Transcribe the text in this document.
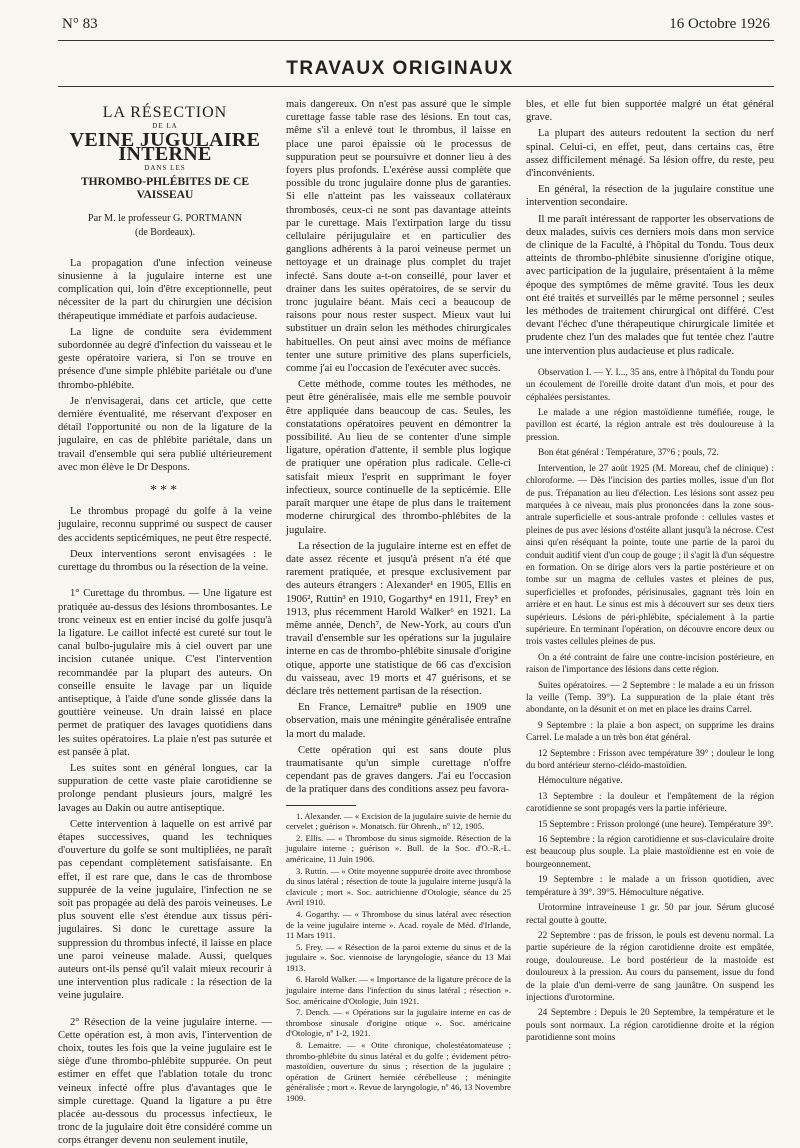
N° 83	16 Octobre 1926
TRAVAUX ORIGINAUX
LA RÉSECTION
DE LA
VEINE JUGULAIRE INTERNE
DANS LES
THROMBO-PHLÉBITES DE CE VAISSEAU
Par M. le professeur G. PORTMANN
(de Bordeaux).

La propagation d'une infection veineuse sinusienne à la jugulaire interne est une complication qui, loin d'être exceptionnelle, peut nécessiter de la part du chirurgien une décision thérapeutique immédiate et parfois audacieuse.

La ligne de conduite sera évidemment subordonnée au degré d'infection du vaisseau et le geste opératoire variera, si l'on se trouve en présence d'une simple phlébite pariétale ou d'une thrombo-phlébite.

Je n'envisagerai, dans cet article, que cette dernière éventualité, me réservant d'exposer en détail l'opportunité ou non de la ligature de la jugulaire, en cas de phlébite pariétale, dans un travail d'ensemble qui sera publié ultérieurement avec mon élève le Dr Despons.

***

Le thrombus propagé du golfe à la veine jugulaire, reconnu supprimé ou suspect de causer des accidents septicémiques, ne peut être respecté.

Deux interventions seront envisagées : le curettage du thrombus ou la résection de la veine.

1° Curettage du thrombus. — Une ligature est pratiquée au-dessus des lésions thrombosantes. Le tronc veineux est en entier incisé du golfe jusqu'à la ligature. Le caillot infecté est cureté sur tout le canal bulbo-jugulaire mis à ciel ouvert par une incision cutanée unique. C'est l'intervention recommandée par la plupart des auteurs. On conseille ensuite le lavage par un liquide antiseptique, à l'aide d'une sonde glissée dans la gouttière veineuse. Un drain laissé en place permet de pratiquer des lavages quotidiens dans les suites opératoires. La plaie n'est pas suturée et est pansée à plat.

Les suites sont en général longues, car la suppuration de cette vaste plaie carotidienne se prolonge pendant plusieurs jours, malgré les lavages au Dakin ou autre antiseptique.

Cette intervention à laquelle on est arrivé par étapes successives, quand les techniques d'ouverture du golfe se sont multipliées, ne paraît pas cependant complètement satisfaisante. En effet, il est rare que, dans le cas de thrombose suppurée de la veine jugulaire, l'infection ne se soit pas propagée au delà des parois veineuses. Le plus souvent elle s'est étendue aux tissus péri-jugulaires. Si donc le curettage assure la suppression du thrombus infecté, il laisse en place une paroi veineuse malade. Aussi, quelques auteurs ont-ils pensé qu'il valait mieux recourir à une intervention plus radicale : la résection de la veine jugulaire.

2° Résection de la veine jugulaire interne. — Cette opération est, à mon avis, l'intervention de choix, toutes les fois que la veine jugulaire est le siège d'une thrombo-phlébite suppurée. On peut estimer en effet que l'ablation totale du tronc veineux infecté offre plus d'avantages que le simple curettage. Quand la ligature a pu être placée au-dessous du processus infectieux, le tronc de la jugulaire doit être considéré comme un corps étranger devenu non seulement inutile,

mais dangereux. On n'est pas assuré que le simple curettage fasse table rase des lésions. En tout cas, même s'il a enlevé tout le thrombus, il laisse en place une paroi épaissie où le processus de suppuration peut se poursuivre et donner lieu à des foyers plus profonds. L'exérèse aussi complète que possible du tronc jugulaire donne plus de garanties. Si elle n'atteint pas les vaisseaux collatéraux thrombosés, ceux-ci ne sont pas davantage atteints par le curettage. Mais l'extirpation large du tissu cellulaire périjugulaire et en particulier des ganglions adhérents à la paroi veineuse permet un nettoyage et un drainage plus complet du trajet infecté. Sans doute a-t-on conseillé, pour laver et drainer dans les suites opératoires, de se servir du tronc jugulaire béant. Mais ceci a beaucoup de raisons pour nous rester suspect. Mieux vaut lui substituer un drain selon les méthodes chirurgicales habituelles. On peut ainsi avec moins de méfiance tenter une suture primitive des plans superficiels, comme j'ai eu l'occasion de l'exécuter avec succès.

Cette méthode, comme toutes les méthodes, ne peut être généralisée, mais elle me semble pouvoir être appliquée dans beaucoup de cas. Seules, les constatations opératoires peuvent en démontrer la possibilité. Au lieu de se contenter d'une simple ligature, opération d'attente, il semble plus logique de pratiquer une opération plus radicale. Celle-ci satisfait mieux l'esprit en supprimant le foyer infectieux, source continuelle de la septicémie. Elle paraît marquer une étape de plus dans le traitement moderne chirurgical des thrombo-phlébites de la jugulaire.

La résection de la jugulaire interne est en effet de date assez récente et jusqu'à présent n'a été que rarement pratiquée, et presque exclusivement par des auteurs étrangers : Alexander¹ en 1905, Ellis en 1906², Ruttin³ en 1910, Gogarthy⁴ en 1911, Frey⁵ en 1913, plus récemment Harold Walker⁶ en 1921. La même année, Dench⁷, de New-York, au cours d'un travail d'ensemble sur les opérations sur la jugulaire interne en cas de thrombo-phlébite sinusale d'origine otique, apporte une statistique de 66 cas d'excision du vaisseau, avec 19 morts et 47 guérisons, et se déclare très nettement partisan de la résection.

En France, Lemaitre⁸ publie en 1909 une observation, mais une méningite généralisée entraîne la mort du malade.

Cette opération qui est sans doute plus traumatisante qu'un simple curettage n'offre cependant pas de graves dangers. J'ai eu l'occasion de la pratiquer dans des conditions assez peu favora-

1. Alexander. — « Excision de la jugulaire suivie de hernie du cervelet ; guérison ». Monatsch. für Ohrenh., nº 12, 1905.

2. Ellis. — « Thrombose du sinus sigmoïde. Résection de la jugulaire interne ; guérison ». Bull. de la Soc. d'O.-R.-L. américaine, 11 Juin 1906.

3. Ruttin. — « Otite moyenne suppurée droite avec thrombose du sinus latéral ; résection de toute la jugulaire interne jusqu'à la clavicule ; mort ». Soc. autrichienne d'Otologie, séance du 25 Avril 1910.

4. Gogarthy. — « Thrombose du sinus latéral avec résection de la veine jugulaire interne ». Acad. royale de Méd. d'Irlande, 11 Mars 1911.

5. Frey. — « Résection de la paroi externe du sinus et de la jugulaire ». Soc. viennoise de laryngologie, séance du 13 Mai 1913.

6. Harold Walker. — « Importance de la ligature précoce de la jugulaire interne dans l'infection du sinus latéral ; résection ». Soc. américaine d'Otologie, Juin 1921.

7. Dench. — « Opérations sur la jugulaire interne en cas de thrombose sinusale d'origine otique ». Soc. américaine d'Otologie, nº 1-2, 1921.

8. Lemaitre. — « Otite chronique, cholestéatomateuse ; thrombo-phlébite du sinus latéral et du golfe ; évidement pétro-mastoïdien, ouverture du sinus ; résection de la jugulaire ; opération de Grünert herniée cérébelleuse ; méningite généralisée ; mort ». Revue de laryngologie, nº 46, 13 Novembre 1909.

bles, et elle fut bien supportée malgré un état général grave.

La plupart des auteurs redoutent la section du nerf spinal. Celui-ci, en effet, peut, dans certains cas, être assez difficilement ménagé. Sa lésion offre, du reste, peu d'inconvénients.

En général, la résection de la jugulaire constitue une intervention secondaire.

Il me paraît intéressant de rapporter les observations de deux malades, suivis ces derniers mois dans mon service de clinique de la Faculté, à l'hôpital du Tondu. Tous deux atteints de thrombo-phlébite sinusienne d'origine otique, avec participation de la jugulaire, présentaient à la même époque des symptômes de même gravité. Tous les deux ont été traités et surveillés par le même personnel ; seules les méthodes de traitement chirurgical ont différé. C'est devant l'échec d'une thérapeutique chirurgicale limitée et prudente chez l'un des malades que fut tentée chez l'autre une intervention plus audacieuse et plus radicale.

Observation I. — Y. I..., 35 ans, entre à l'hôpital du Tondu pour un écoulement de l'oreille droite datant d'un mois, et pour des céphalées persistantes.

Le malade a une région mastoïdienne tuméfiée, rouge, le pavillon est écarté, la région antrale est très douloureuse à la pression.

Bon état général : Température, 37°6 ; pouls, 72.

Intervention, le 27 août 1925 (M. Moreau, chef de clinique) : chloroforme. — Dès l'incision des parties molles, issue d'un flot de pus. Trépanation au lieu d'élection. Les lésions sont assez peu marquées à ce niveau, mais plus prononcées dans la zone sous-antrale superficielle et sous-antrale profonde : cellules vastes et pleines de pus avec lésions d'ostéite allant jusqu'à la nécrose. C'est ainsi qu'en réséquant la pointe, toute une partie de la paroi du conduit auditif vient d'un coup de gouge ; il s'agit là d'un séquestre en formation. On se dirige alors vers la partie postérieure et on tombe sur un magma de cellules vastes et pleines de pus, superficielles et profondes, périsinusales, gagnant très loin en arrière et en haut. Le sinus est mis à découvert sur ses deux tiers supérieurs. Lésions de péri-phlébite, spécialement à la partie supérieure. En terminant l'opération, on découvre encore deux ou trois vastes cellules pleines de pus.

On a été contraint de faire une contre-incision postérieure, en raison de l'importance des lésions dans cette région.

Suites opératoires. — 2 Septembre : le malade a eu un frisson la veille (Temp. 39°). La suppuration de la plaie étant très abondante, on la désunit et on met en place les drains Carrel.

9 Septembre : la plaie a bon aspect, on supprime les drains Carrel. Le malade a un très bon état général.

12 Septembre : Frisson avec température 39° ; douleur le long du bord antérieur sterno-cléido-mastoïdien.

Hémoculture négative.

13 Septembre : la douleur et l'empâtement de la région carotidienne se sont propagés vers la partie inférieure.

15 Septembre : Frisson prolongé (une heure). Température 39°.

16 Septembre : la région carotidienne et sus-claviculaire droite est beaucoup plus souple. La plaie mastoïdienne est en voie de bourgeonnement.

19 Septembre : le malade a un frisson quotidien, avec température à 39°. 39°5. Hémoculture négative.

Urotormine intraveineuse 1 gr. 50 par jour. Sérum glucosé rectal goutte à goutte.

22 Septembre : pas de frisson, le pouls est devenu normal. La partie supérieure de la région carotidienne droite est empâtée, rouge, douloureuse. Le bord postérieur de la mastoïde est douloureux à la pression. Au cours du pansement, issue du fond de la plaie d'un demi-verre de sang jaunâtre. On suspend les injections d'urotormine.

24 Septembre : Depuis le 20 Septembre, la température et le pouls sont normaux. La région carotidienne droite et la région parotidienne sont moins
